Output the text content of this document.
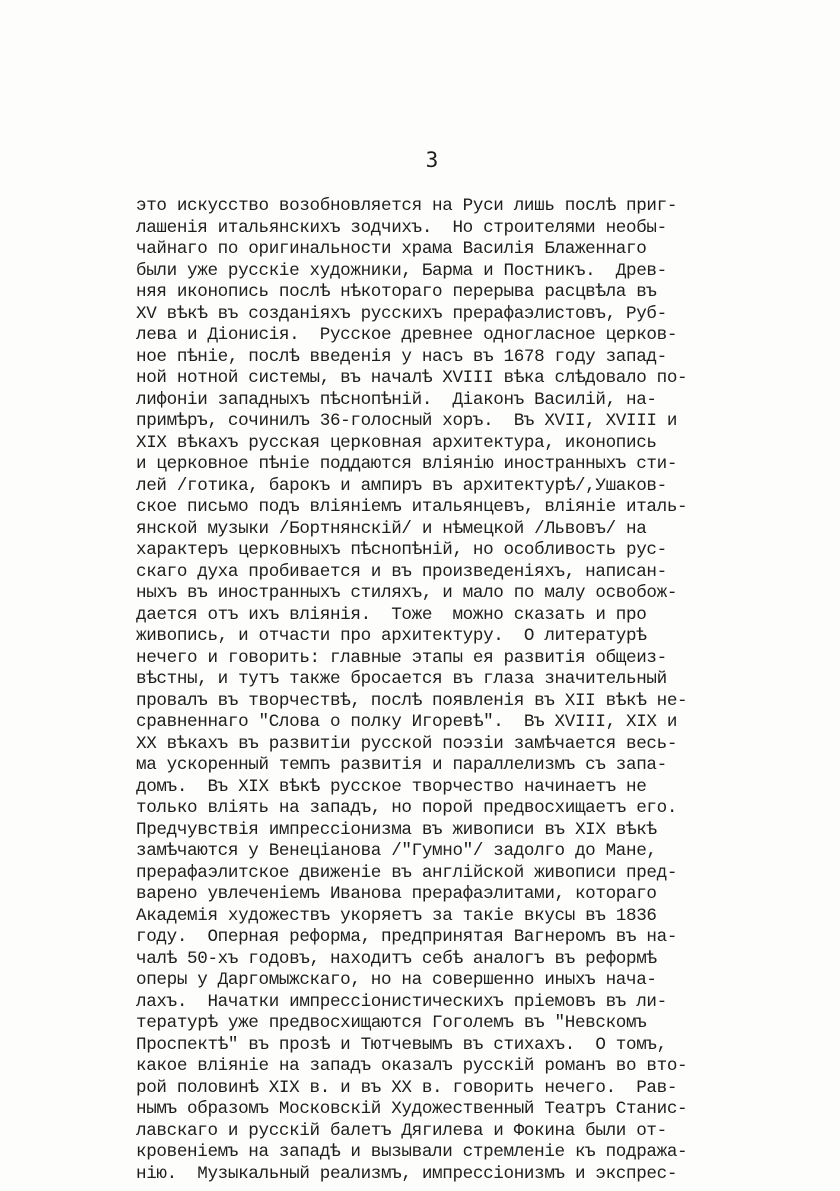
3
это искусство возобновляется на Руси лишь послѣ приг-
лашенія итальянскихъ зодчихъ.  Но строителями необы-
чайнаго по оригинальности храма Василія Блаженнаго
были уже русскіе художники, Барма и Постникъ.  Древ-
няя иконопись послѣ нѣкотораго перерыва расцвѣла въ
XV вѣкѣ въ созданіяхъ русскихъ прерафаэлистовъ, Руб-
лева и Діонисія.  Русское древнее одногласное церков-
ное пѣніе, послѣ введенія у насъ въ 1678 году запад-
ной нотной системы, въ началѣ XVIII вѣка слѣдовало по-
лифоніи западныхъ пѣснопѣній.  Діаконъ Василій, на-
примѣръ, сочинилъ 36-голосный хоръ.  Въ XVII, XVIII и
XIX вѣкахъ русская церковная архитектура, иконопись
и церковное пѣніе поддаются вліянію иностранныхъ сти-
лей /готика, барокъ и ампиръ въ архитектурѣ/,Ушаков-
ское письмо подъ вліяніемъ итальянцевъ, вліяніе италь-
янской музыки /Бортнянскій/ и нѣмецкой /Львовъ/ на
характеръ церковныхъ пѣснопѣній, но особливость рус-
скаго духа пробивается и въ произведеніяхъ, написан-
ныхъ въ иностранныхъ стиляхъ, и мало по малу освобож-
дается отъ ихъ вліянія.  Тоже  можно сказать и про
живопись, и отчасти про архитектуру.  О литературѣ
нечего и говорить: главные этапы ея развитія общеиз-
вѣстны, и тутъ также бросается въ глаза значительный
провалъ въ творчествѣ, послѣ появленія въ XII вѣкѣ не-
сравненнаго "Слова о полку Игоревѣ".  Въ XVIII, XIX и
XX вѣкахъ въ развитіи русской поэзіи замѣчается весь-
ма ускоренный темпъ развитія и параллелизмъ съ запа-
домъ.  Въ XIX вѣкѣ русское творчество начинаетъ не
только вліять на западъ, но порой предвосхищаетъ его.
Предчувствія импрессіонизма въ живописи въ XIX вѣкѣ
замѣчаются у Венеціанова /"Гумно"/ задолго до Мане,
прерафаэлитское движеніе въ англійской живописи пред-
варено увлеченіемъ Иванова прерафаэлитами, котораго
Академія художествъ укоряетъ за такіе вкусы въ 1836
году.  Оперная реформа, предпринятая Вагнеромъ въ на-
чалѣ 50-хъ годовъ, находитъ себѣ аналогъ въ реформѣ
оперы у Даргомыжскаго, но на совершенно иныхъ нача-
лахъ.  Начатки импрессіонистическихъ пріемовъ въ ли-
тературѣ уже предвосхищаются Гоголемъ въ "Невскомъ
Проспектѣ" въ прозѣ и Тютчевымъ въ стихахъ.  О томъ,
какое вліяніе на западъ оказалъ русскій романъ во вто-
рой половинѣ XIX в. и въ XX в. говорить нечего.  Рав-
нымъ образомъ Московскій Художественный Театръ Станис-
лавскаго и русскій балетъ Дягилева и Фокина были от-
кровеніемъ на западѣ и вызывали стремленіе къ подража-
нію.  Музыкальный реализмъ, импрессіонизмъ и экспрес-
